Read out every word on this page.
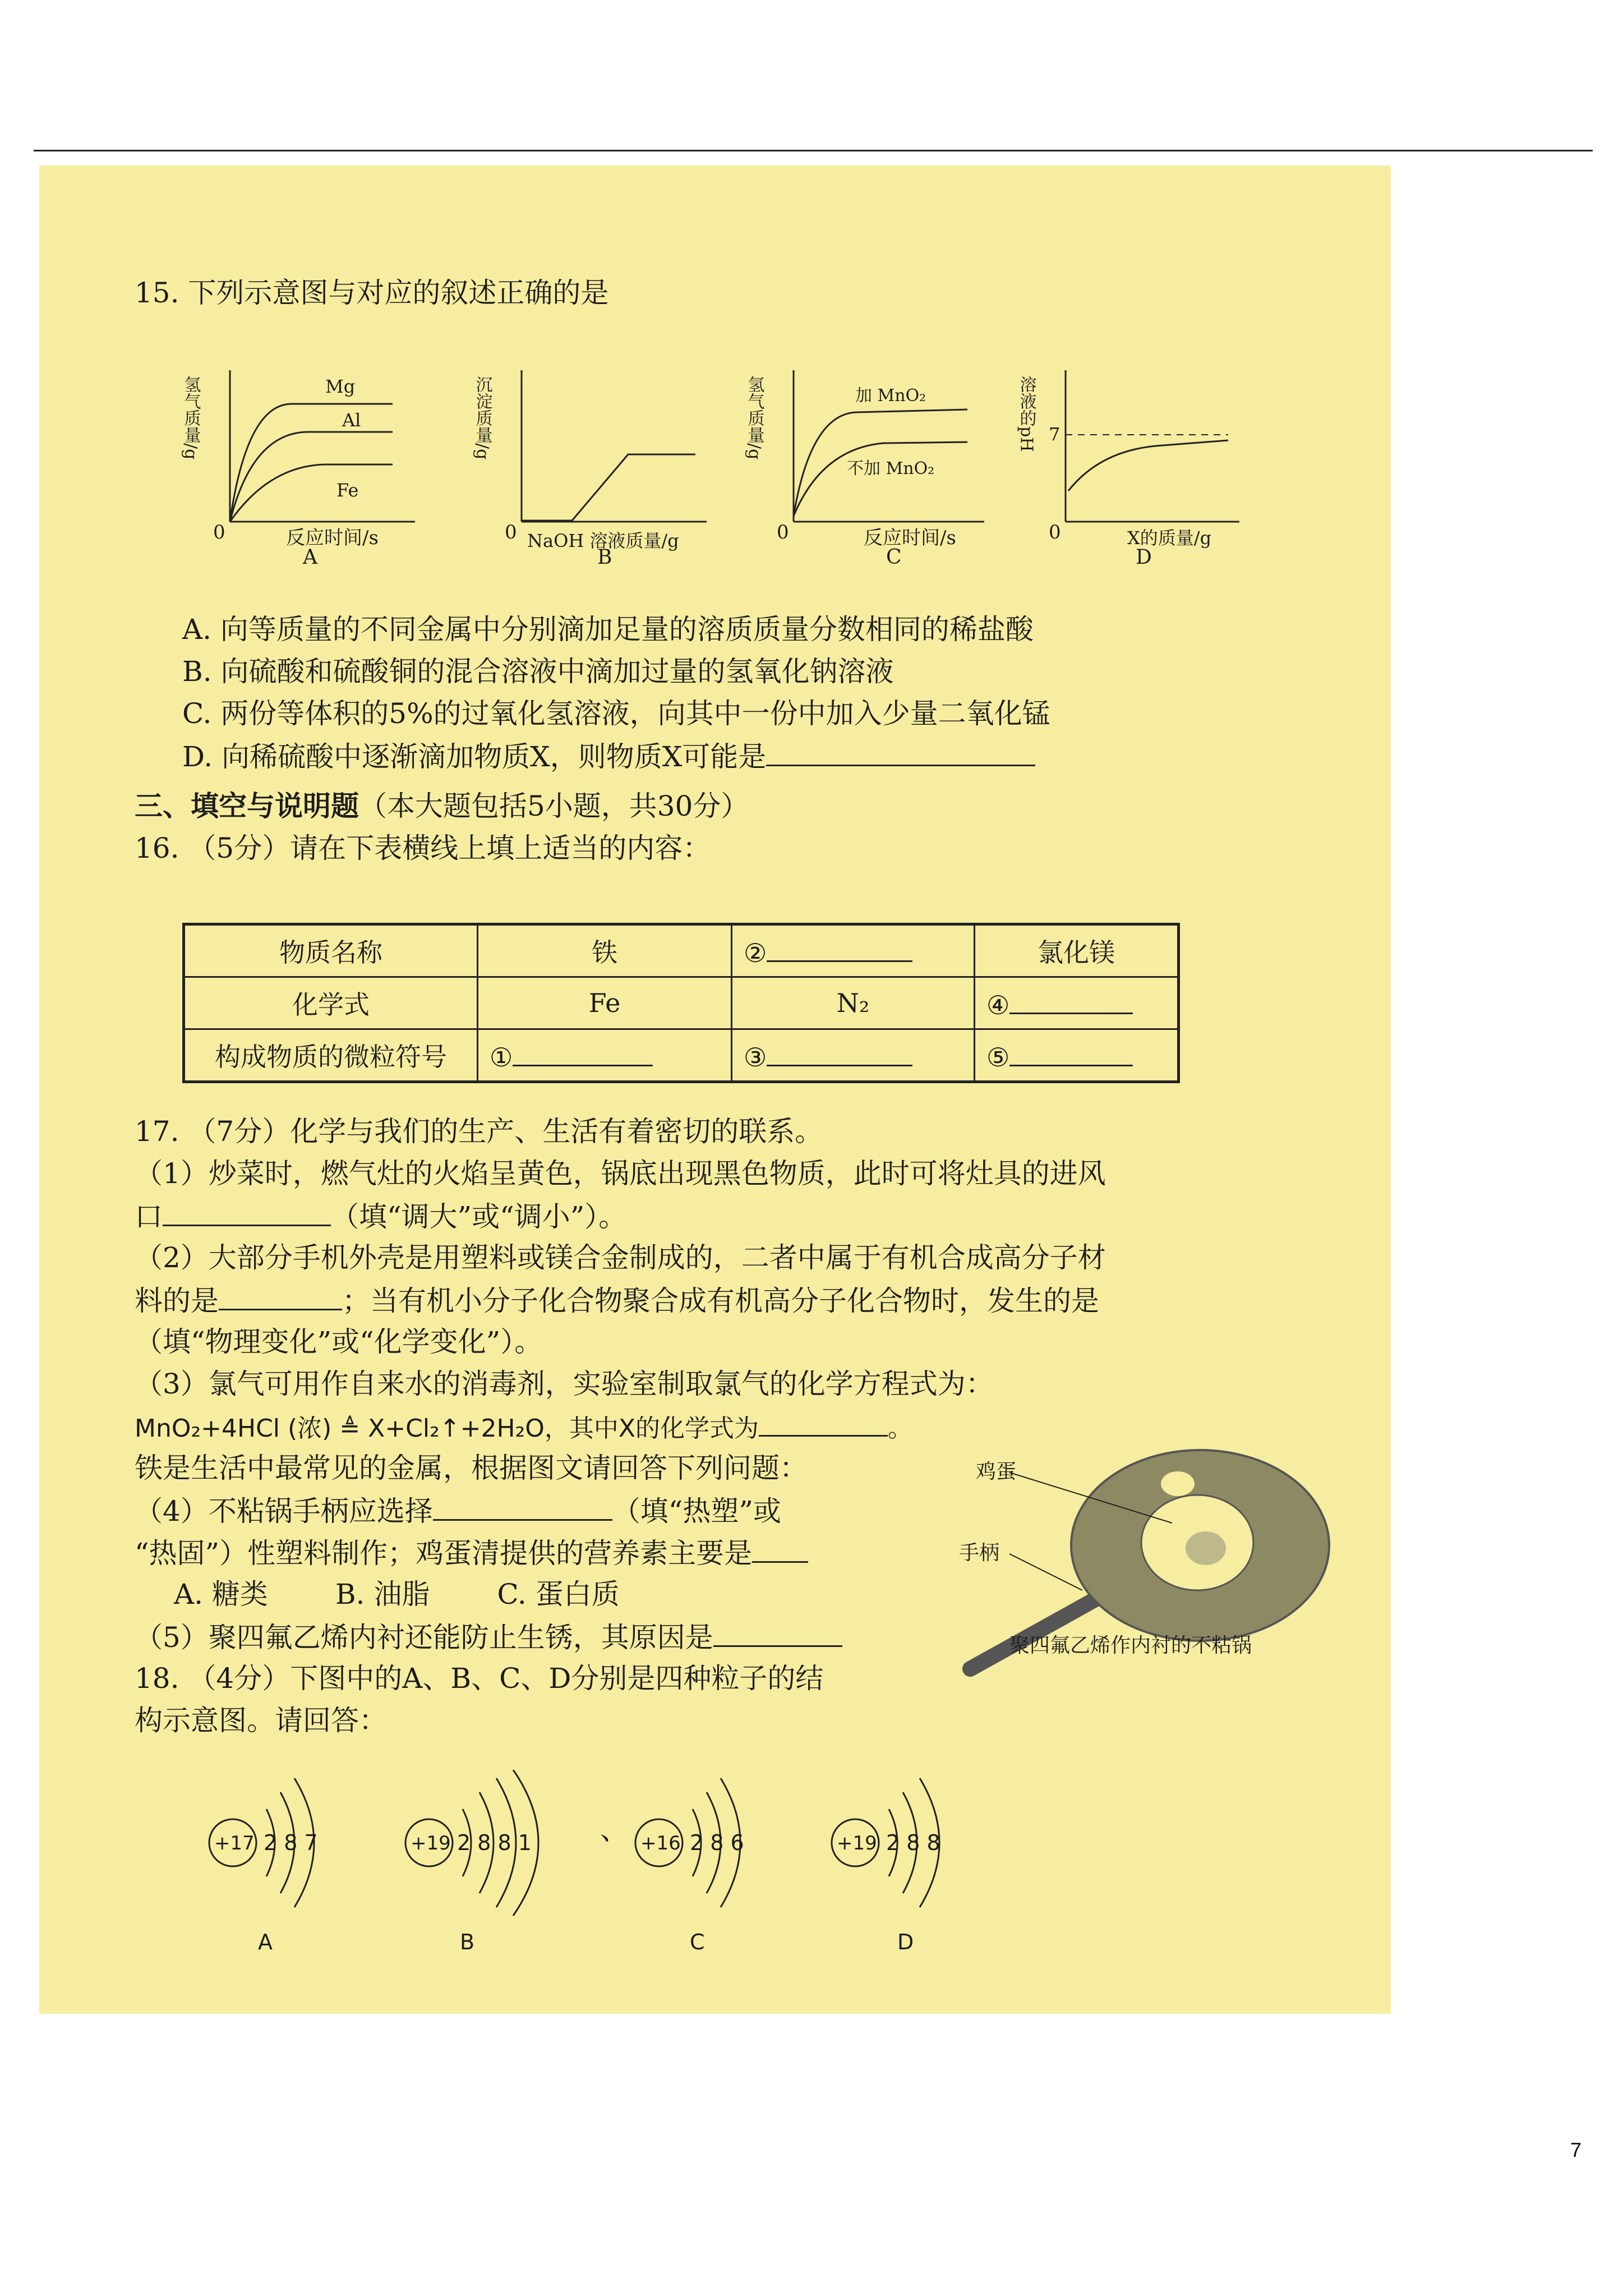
15. 下列示意图与对应的叙述正确的是
氢气质量/g
0	反应时间/s
Mg
Al
Fe
A
沉淀质量/g
0 NaOH 溶液质量/g
B
氢气质量/g
0	反应时间/s
加 MnO₂
不加 MnO₂
C
溶液的pH 7
0	X的质量/g
D
A. 向等质量的不同金属中分别滴加足量的溶质质量分数相同的稀盐酸
B. 向硫酸和硫酸铜的混合溶液中滴加过量的氢氧化钠溶液
C. 两份等体积的5%的过氧化氢溶液，向其中一份中加入少量二氧化锰
D. 向稀硫酸中逐渐滴加物质X，则物质X可能是
三、填空与说明题（本大题包括5小题，共30分）
16. （5分）请在下表横线上填上适当的内容：
物质名称	铁	②	氯化镁
化学式	Fe	N₂	④
构成物质的微粒符号	①	③	⑤
17. （7分）化学与我们的生产、生活有着密切的联系。
（1）炒菜时，燃气灶的火焰呈黄色，锅底出现黑色物质，此时可将灶具的进风
口	（填“调大”或“调小”）。
（2）大部分手机外壳是用塑料或镁合金制成的，二者中属于有机合成高分子材
料的是	；当有机小分子化合物聚合成有机高分子化合物时，发生的是
（填“物理变化”或“化学变化”）。
（3）氯气可用作自来水的消毒剂，实验室制取氯气的化学方程式为：
MnO₂+4HCl (浓) ≜ X+Cl₂↑+2H₂O，其中X的化学式为	。
铁是生活中最常见的金属，根据图文请回答下列问题：
（4）不粘锅手柄应选择	（填“热塑”或
“热固”）性塑料制作；鸡蛋清提供的营养素主要是
A. 糖类 B. 油脂 C. 蛋白质
（5）聚四氟乙烯内衬还能防止生锈，其原因是
鸡蛋
手柄
聚四氟乙烯作内衬的不粘锅
18. （4分）下图中的A、B、C、D分别是四种粒子的结
构示意图。请回答：
+17 2 8 7
A
、
+19 2 8 8 1
B
+16 2 8 6
C
+19 2 8 8
D
7
